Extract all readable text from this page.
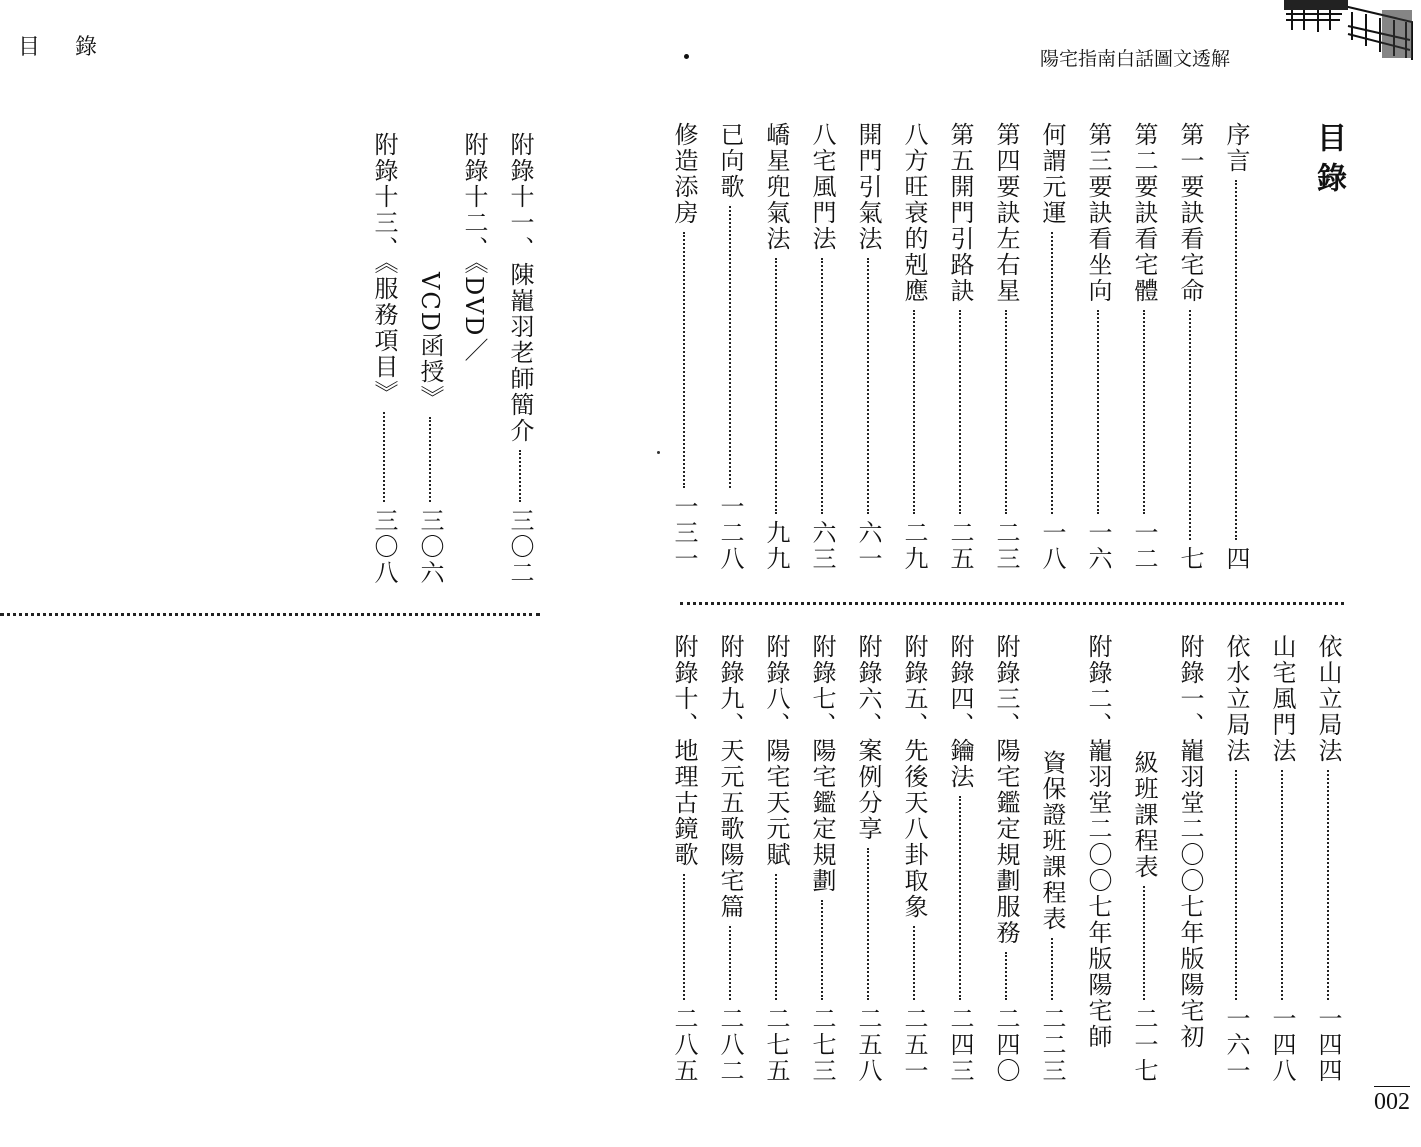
目 錄	陽宅指南白話圖文透解
目錄
序言
四
第一要訣看宅命
七
第二要訣看宅體
一二
第三要訣看坐向
一六
何謂元運
一八
第四要訣左右星
二三
第五開門引路訣
二五
八方旺衰的剋應
二九
開門引氣法
六一
八宅風門法
六三
嶠星兜氣法
九九
已向歌
一二八
修造添房
一三一
依山立局法
一四四
山宅風門法
一四八
依水立局法
一六一
附錄一、巃羽堂二〇〇七年版陽宅初
級班課程表
二一七
附錄二、巃羽堂二〇〇七年版陽宅師
資保證班課程表
二二三
附錄三、陽宅鑑定規劃服務
二四〇
附錄四、鑰法
二四三
附錄五、先後天八卦取象
二五一
附錄六、案例分享
二五八
附錄七、陽宅鑑定規劃
二七三
附錄八、陽宅天元賦
二七五
附錄九、天元五歌陽宅篇
二八二
附錄十、地理古鏡歌
二八五
附錄十一、陳巃羽老師簡介
三〇二
附錄十二、《DVD／
VCD函授》
三〇六
附錄十三、《服務項目》
三〇八
002
